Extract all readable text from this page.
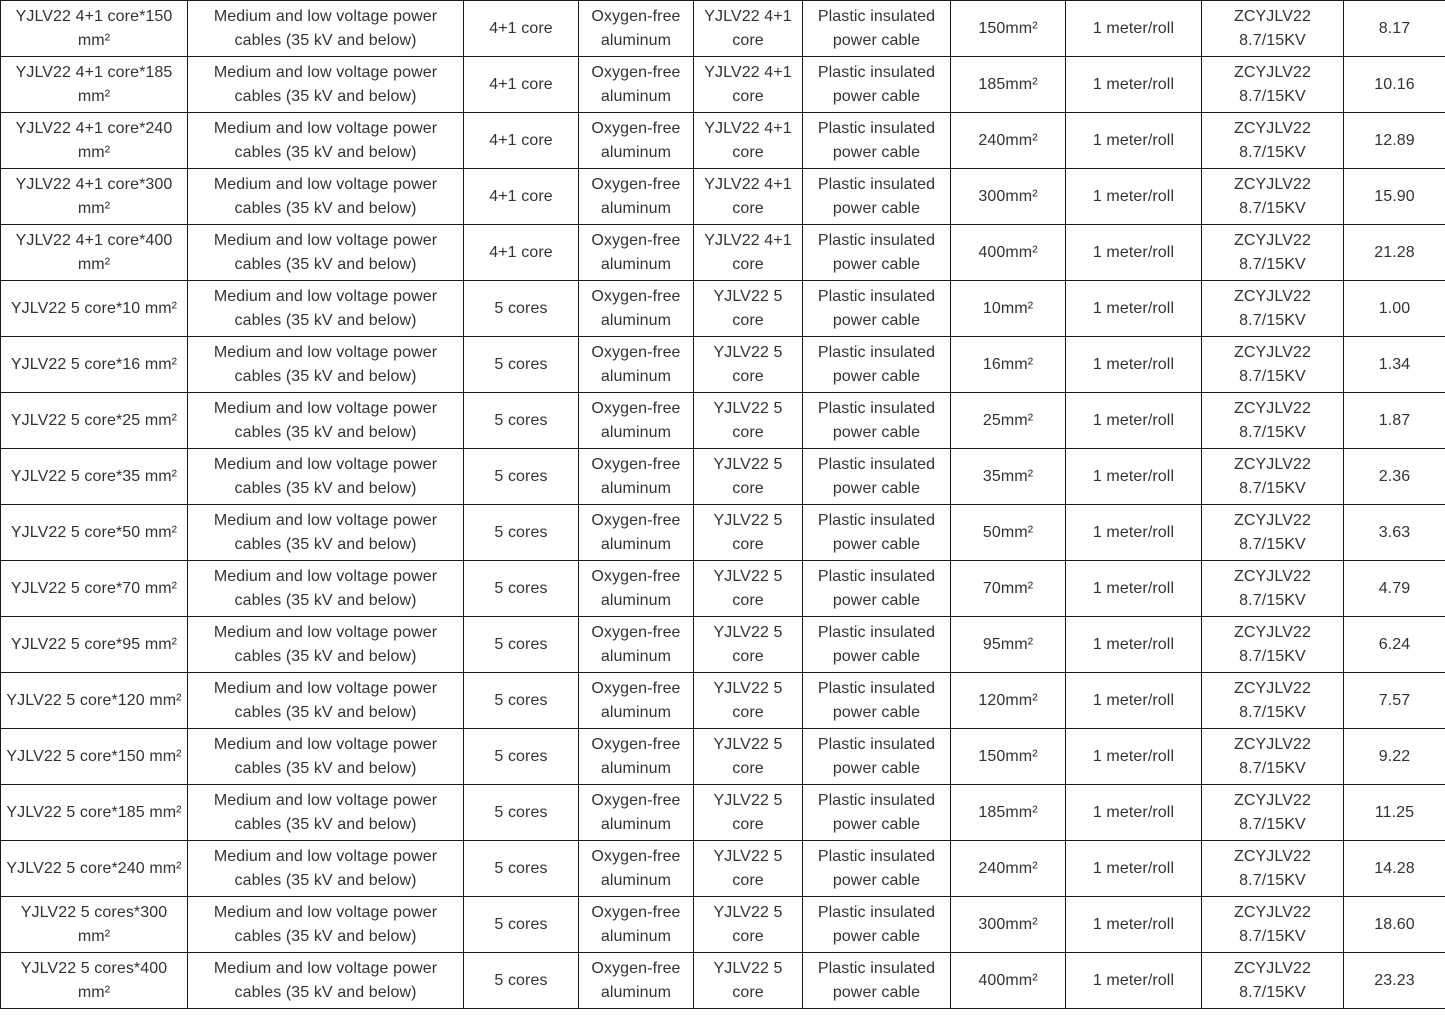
YJLV22 4+1 core*150 mm²	Medium and low voltage power cables (35 kV and below)	4+1 core	Oxygen-free aluminum	YJLV22 4+1 core	Plastic insulated power cable	150mm²	1 meter/roll	ZCYJLV22 8.7/15KV	8.17
YJLV22 4+1 core*185 mm²	Medium and low voltage power cables (35 kV and below)	4+1 core	Oxygen-free aluminum	YJLV22 4+1 core	Plastic insulated power cable	185mm²	1 meter/roll	ZCYJLV22 8.7/15KV	10.16
YJLV22 4+1 core*240 mm²	Medium and low voltage power cables (35 kV and below)	4+1 core	Oxygen-free aluminum	YJLV22 4+1 core	Plastic insulated power cable	240mm²	1 meter/roll	ZCYJLV22 8.7/15KV	12.89
YJLV22 4+1 core*300 mm²	Medium and low voltage power cables (35 kV and below)	4+1 core	Oxygen-free aluminum	YJLV22 4+1 core	Plastic insulated power cable	300mm²	1 meter/roll	ZCYJLV22 8.7/15KV	15.90
YJLV22 4+1 core*400 mm²	Medium and low voltage power cables (35 kV and below)	4+1 core	Oxygen-free aluminum	YJLV22 4+1 core	Plastic insulated power cable	400mm²	1 meter/roll	ZCYJLV22 8.7/15KV	21.28
YJLV22 5 core*10 mm²	Medium and low voltage power cables (35 kV and below)	5 cores	Oxygen-free aluminum	YJLV22 5 core	Plastic insulated power cable	10mm²	1 meter/roll	ZCYJLV22 8.7/15KV	1.00
YJLV22 5 core*16 mm²	Medium and low voltage power cables (35 kV and below)	5 cores	Oxygen-free aluminum	YJLV22 5 core	Plastic insulated power cable	16mm²	1 meter/roll	ZCYJLV22 8.7/15KV	1.34
YJLV22 5 core*25 mm²	Medium and low voltage power cables (35 kV and below)	5 cores	Oxygen-free aluminum	YJLV22 5 core	Plastic insulated power cable	25mm²	1 meter/roll	ZCYJLV22 8.7/15KV	1.87
YJLV22 5 core*35 mm²	Medium and low voltage power cables (35 kV and below)	5 cores	Oxygen-free aluminum	YJLV22 5 core	Plastic insulated power cable	35mm²	1 meter/roll	ZCYJLV22 8.7/15KV	2.36
YJLV22 5 core*50 mm²	Medium and low voltage power cables (35 kV and below)	5 cores	Oxygen-free aluminum	YJLV22 5 core	Plastic insulated power cable	50mm²	1 meter/roll	ZCYJLV22 8.7/15KV	3.63
YJLV22 5 core*70 mm²	Medium and low voltage power cables (35 kV and below)	5 cores	Oxygen-free aluminum	YJLV22 5 core	Plastic insulated power cable	70mm²	1 meter/roll	ZCYJLV22 8.7/15KV	4.79
YJLV22 5 core*95 mm²	Medium and low voltage power cables (35 kV and below)	5 cores	Oxygen-free aluminum	YJLV22 5 core	Plastic insulated power cable	95mm²	1 meter/roll	ZCYJLV22 8.7/15KV	6.24
YJLV22 5 core*120 mm²	Medium and low voltage power cables (35 kV and below)	5 cores	Oxygen-free aluminum	YJLV22 5 core	Plastic insulated power cable	120mm²	1 meter/roll	ZCYJLV22 8.7/15KV	7.57
YJLV22 5 core*150 mm²	Medium and low voltage power cables (35 kV and below)	5 cores	Oxygen-free aluminum	YJLV22 5 core	Plastic insulated power cable	150mm²	1 meter/roll	ZCYJLV22 8.7/15KV	9.22
YJLV22 5 core*185 mm²	Medium and low voltage power cables (35 kV and below)	5 cores	Oxygen-free aluminum	YJLV22 5 core	Plastic insulated power cable	185mm²	1 meter/roll	ZCYJLV22 8.7/15KV	11.25
YJLV22 5 core*240 mm²	Medium and low voltage power cables (35 kV and below)	5 cores	Oxygen-free aluminum	YJLV22 5 core	Plastic insulated power cable	240mm²	1 meter/roll	ZCYJLV22 8.7/15KV	14.28
YJLV22 5 cores*300 mm²	Medium and low voltage power cables (35 kV and below)	5 cores	Oxygen-free aluminum	YJLV22 5 core	Plastic insulated power cable	300mm²	1 meter/roll	ZCYJLV22 8.7/15KV	18.60
YJLV22 5 cores*400 mm²	Medium and low voltage power cables (35 kV and below)	5 cores	Oxygen-free aluminum	YJLV22 5 core	Plastic insulated power cable	400mm²	1 meter/roll	ZCYJLV22 8.7/15KV	23.23
